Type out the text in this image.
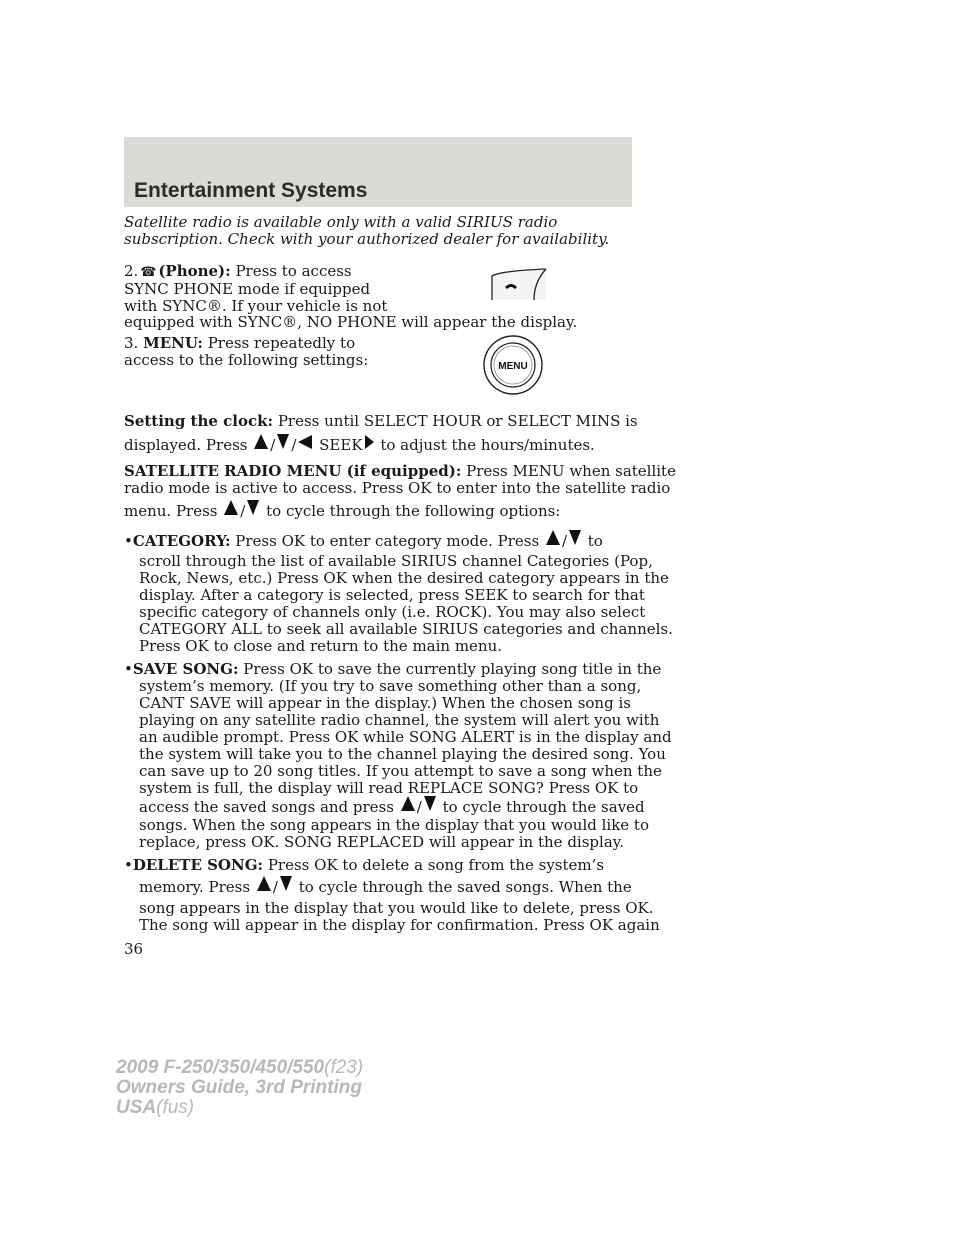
Entertainment Systems
Satellite radio is available only with a valid SIRIUS radio
subscription. Check with your authorized dealer for availability.
2. ☎ (Phone): Press to access
SYNC PHONE mode if equipped
with SYNC®. If your vehicle is not
equipped with SYNC®, NO PHONE will appear the display.
3. MENU: Press repeatedly to
access to the following settings:	MENU
Setting the clock: Press until SELECT HOUR or SELECT MINS is
displayed. Press / / SEEK to adjust the hours/minutes.
SATELLITE RADIO MENU (if equipped): Press MENU when satellite
radio mode is active to access. Press OK to enter into the satellite radio
menu. Press / to cycle through the following options:
•CATEGORY: Press OK to enter category mode. Press / to
scroll through the list of available SIRIUS channel Categories (Pop,
Rock, News, etc.) Press OK when the desired category appears in the
display. After a category is selected, press SEEK to search for that
specific category of channels only (i.e. ROCK). You may also select
CATEGORY ALL to seek all available SIRIUS categories and channels.
Press OK to close and return to the main menu.
•SAVE SONG: Press OK to save the currently playing song title in the
system’s memory. (If you try to save something other than a song,
CANT SAVE will appear in the display.) When the chosen song is
playing on any satellite radio channel, the system will alert you with
an audible prompt. Press OK while SONG ALERT is in the display and
the system will take you to the channel playing the desired song. You
can save up to 20 song titles. If you attempt to save a song when the
system is full, the display will read REPLACE SONG? Press OK to
access the saved songs and press / to cycle through the saved
songs. When the song appears in the display that you would like to
replace, press OK. SONG REPLACED will appear in the display.
•DELETE SONG: Press OK to delete a song from the system’s
memory. Press / to cycle through the saved songs. When the
song appears in the display that you would like to delete, press OK.
The song will appear in the display for confirmation. Press OK again
36
2009 F-250/350/450/550(f23)
Owners Guide, 3rd Printing
USA(fus)
